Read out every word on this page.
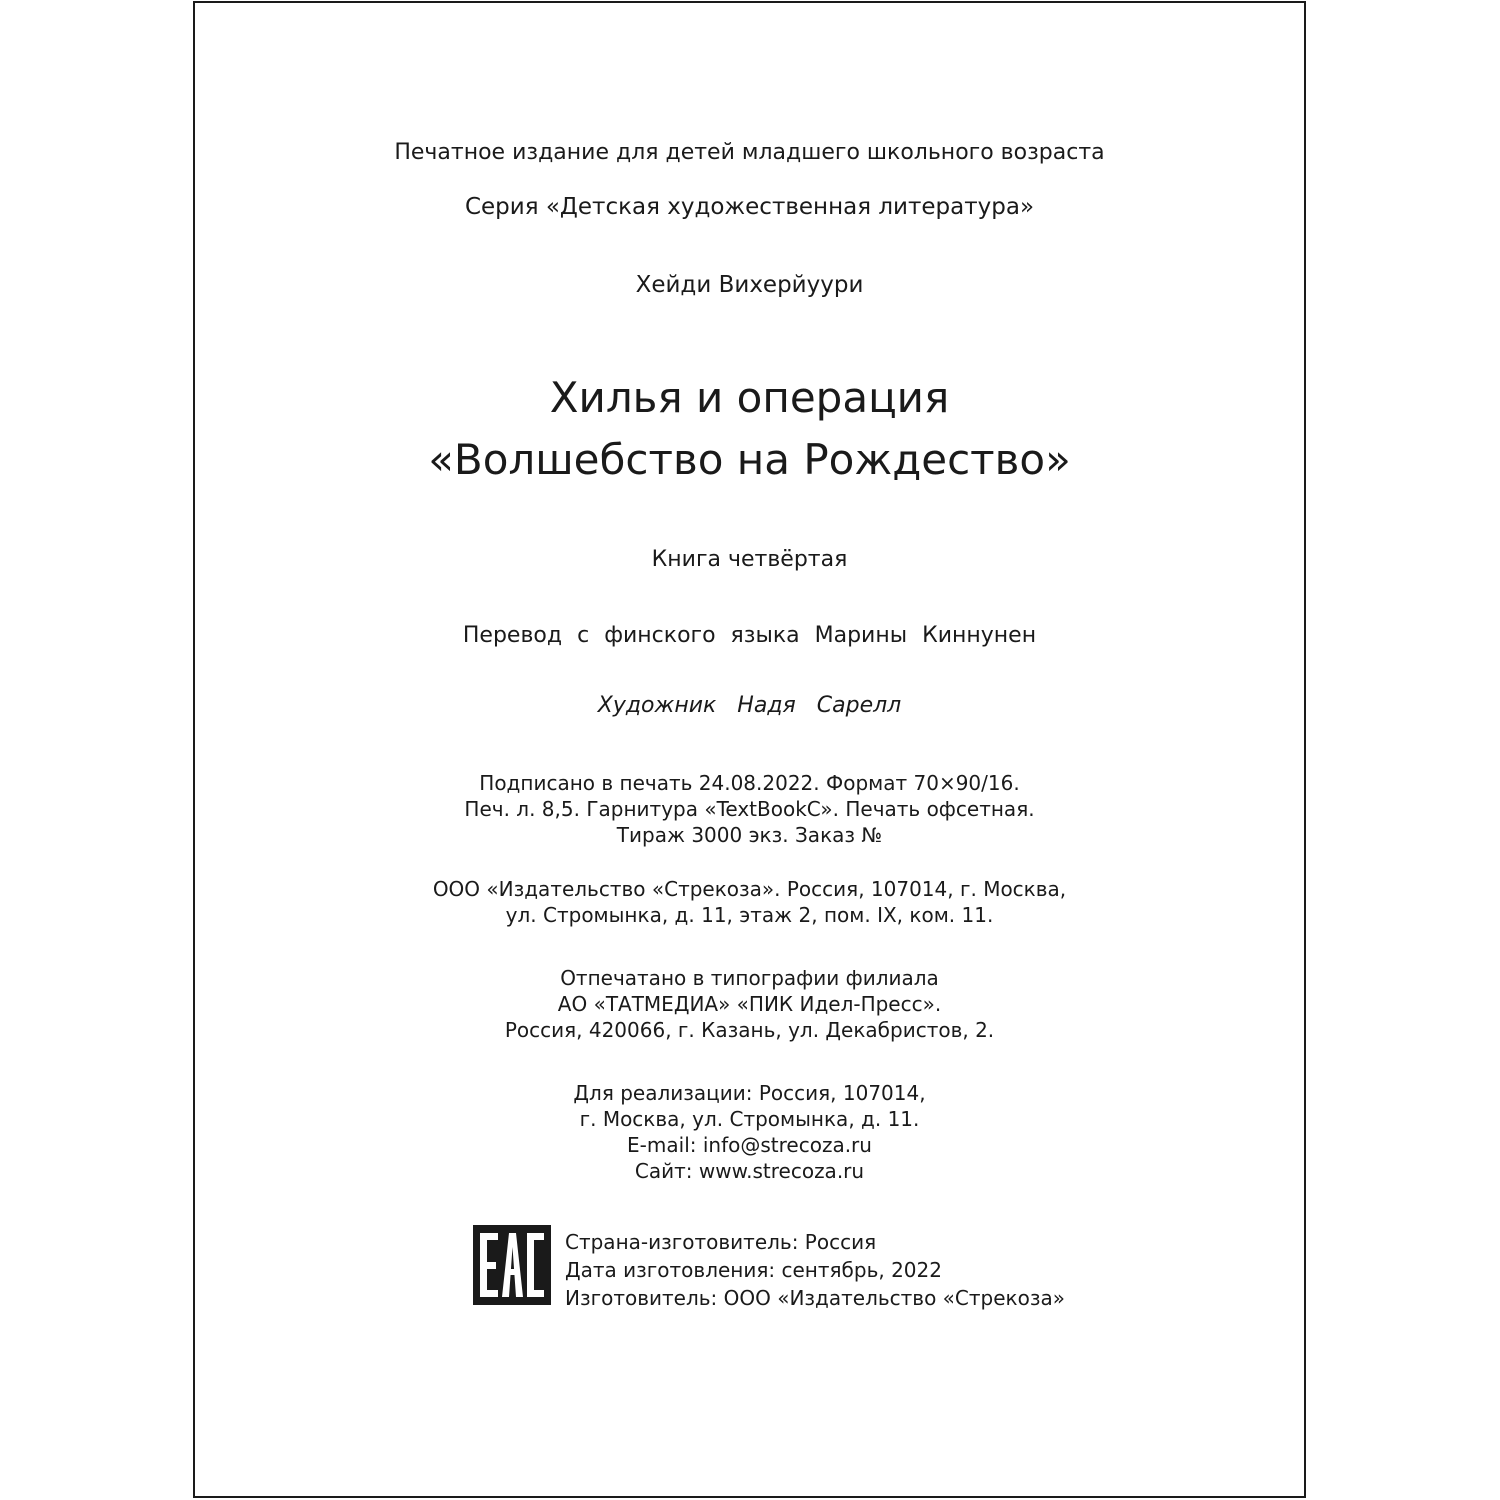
Печатное издание для детей младшего школьного возраста
Серия «Детская художественная литература»
Хейди Вихерйуури
Хилья и операция
«Волшебство на Рождество»
Книга четвёртая
Перевод с финского языка Марины Киннунен
Художник Надя Сарелл
Подписано в печать 24.08.2022. Формат 70×90/16.
Печ. л. 8,5. Гарнитура «TextBookC». Печать офсетная.
Тираж 3000 экз. Заказ №
ООО «Издательство «Стрекоза». Россия, 107014, г. Москва,
ул. Стромынка, д. 11, этаж 2, пом. IX, ком. 11.
Отпечатано в типографии филиала
АО «ТАТМЕДИА» «ПИК Идел-Пресс».
Россия, 420066, г. Казань, ул. Декабристов, 2.
Для реализации: Россия, 107014,
г. Москва, ул. Стромынка, д. 11.
E-mail: info@strecoza.ru
Сайт: www.strecoza.ru
Страна-изготовитель: Россия
Дата изготовления: сентябрь, 2022
Изготовитель: ООО «Издательство «Стрекоза»
